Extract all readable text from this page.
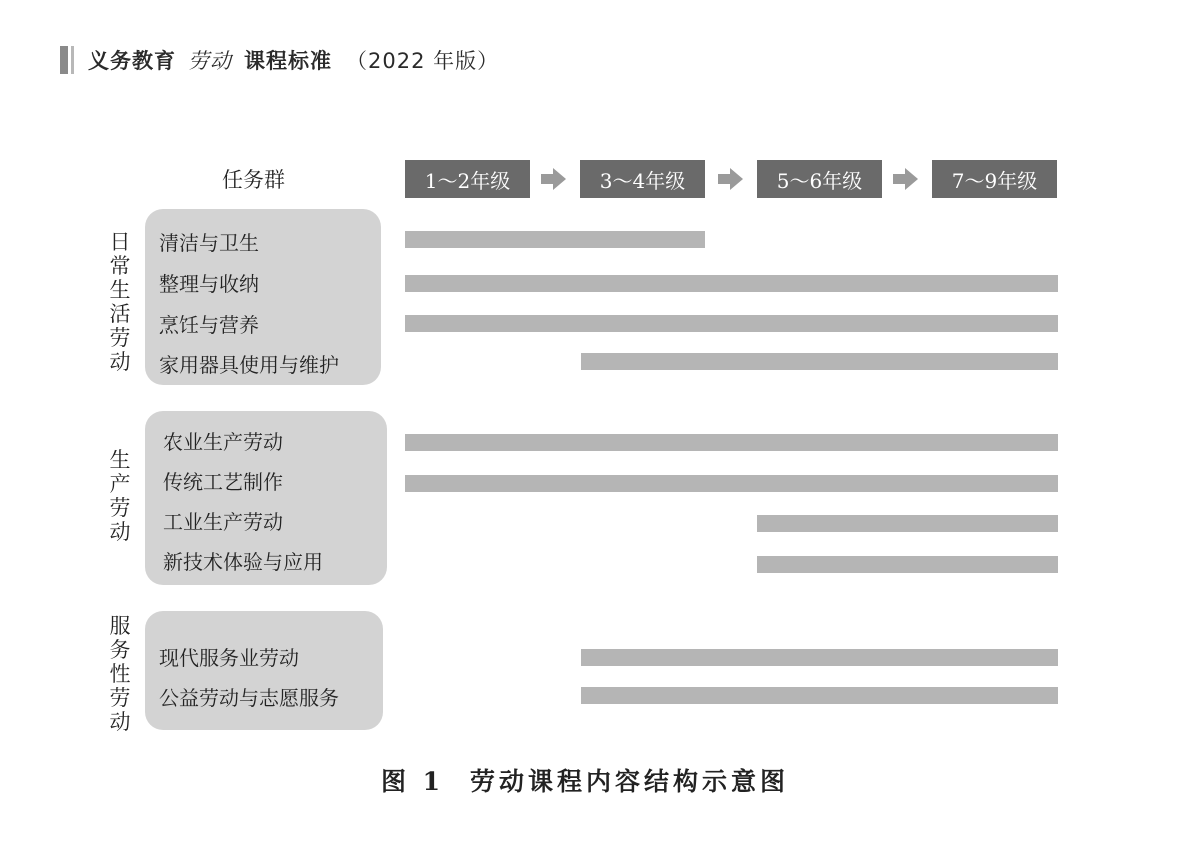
义务教育 劳动 课程标准 （2022 年版）
任务群	1～2年级	3～4年级	5～6年级	7～9年级
日常生活劳动
清洁与卫生
整理与收纳
烹饪与营养
家用器具使用与维护
生产劳动
农业生产劳动
传统工艺制作
工业生产劳动
新技术体验与应用
服务性劳动
现代服务业劳动
公益劳动与志愿服务
图 1 劳动课程内容结构示意图
